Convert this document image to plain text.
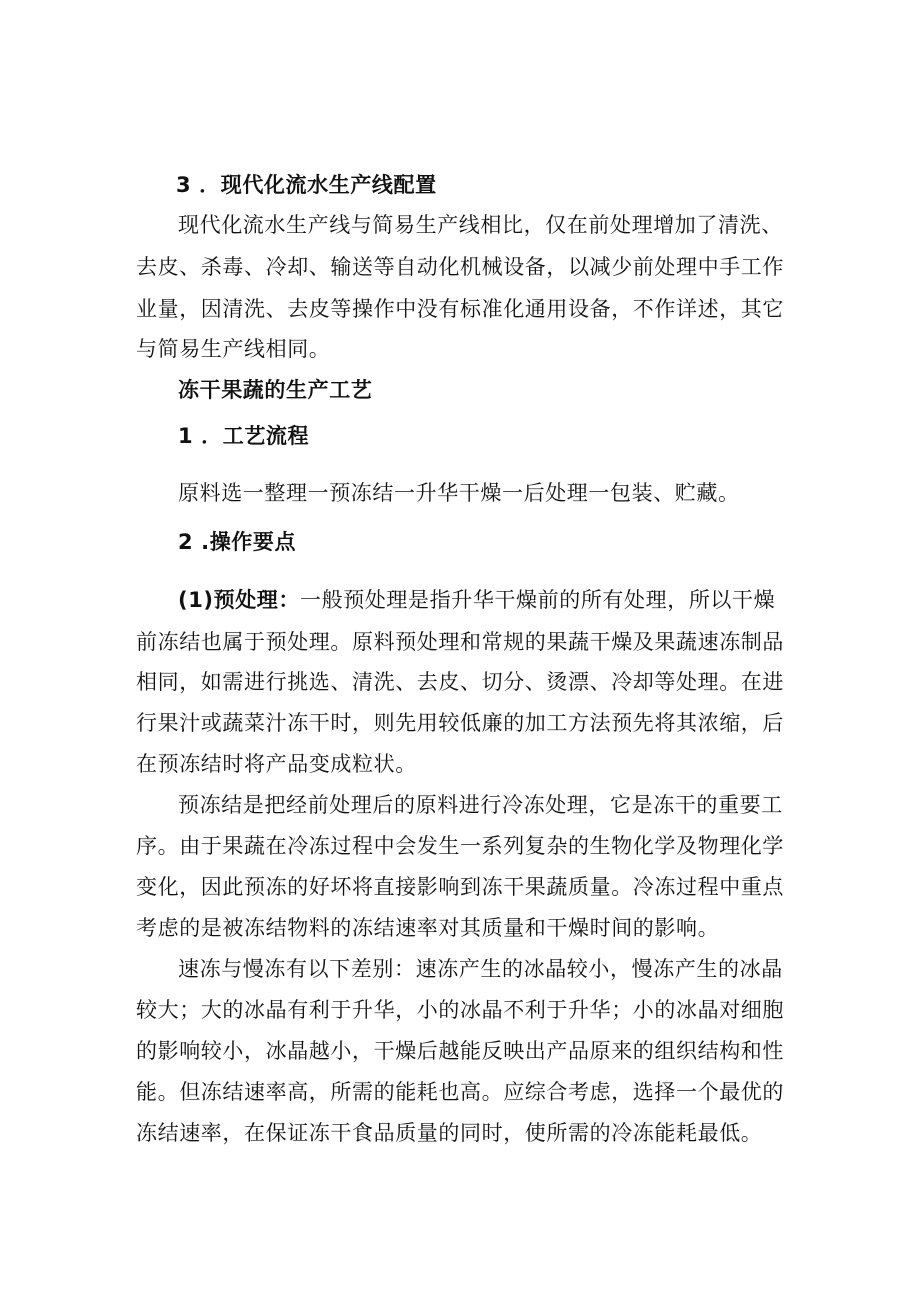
3 ．现代化流水生产线配置
现代化流水生产线与简易生产线相比，仅在前处理增加了清洗、
去皮、杀毒、冷却、输送等自动化机械设备，以减少前处理中手工作
业量，因清洗、去皮等操作中没有标准化通用设备，不作详述，其它
与简易生产线相同。
冻干果蔬的生产工艺
1 ．工艺流程
原料选一整理一预冻结一升华干燥一后处理一包装、贮藏。
2 .操作要点
(1)预处理：一般预处理是指升华干燥前的所有处理，所以干燥
前冻结也属于预处理。原料预处理和常规的果蔬干燥及果蔬速冻制品
相同，如需进行挑选、清洗、去皮、切分、烫漂、冷却等处理。在进
行果汁或蔬菜汁冻干时，则先用较低廉的加工方法预先将其浓缩，后
在预冻结时将产品变成粒状。
预冻结是把经前处理后的原料进行冷冻处理，它是冻干的重要工
序。由于果蔬在冷冻过程中会发生一系列复杂的生物化学及物理化学
变化，因此预冻的好坏将直接影响到冻干果蔬质量。冷冻过程中重点
考虑的是被冻结物料的冻结速率对其质量和干燥时间的影响。
速冻与慢冻有以下差别：速冻产生的冰晶较小，慢冻产生的冰晶
较大；大的冰晶有利于升华，小的冰晶不利于升华；小的冰晶对细胞
的影响较小，冰晶越小，干燥后越能反映出产品原来的组织结构和性
能。但冻结速率高，所需的能耗也高。应综合考虑，选择一个最优的
冻结速率，在保证冻干食品质量的同时，使所需的冷冻能耗最低。
